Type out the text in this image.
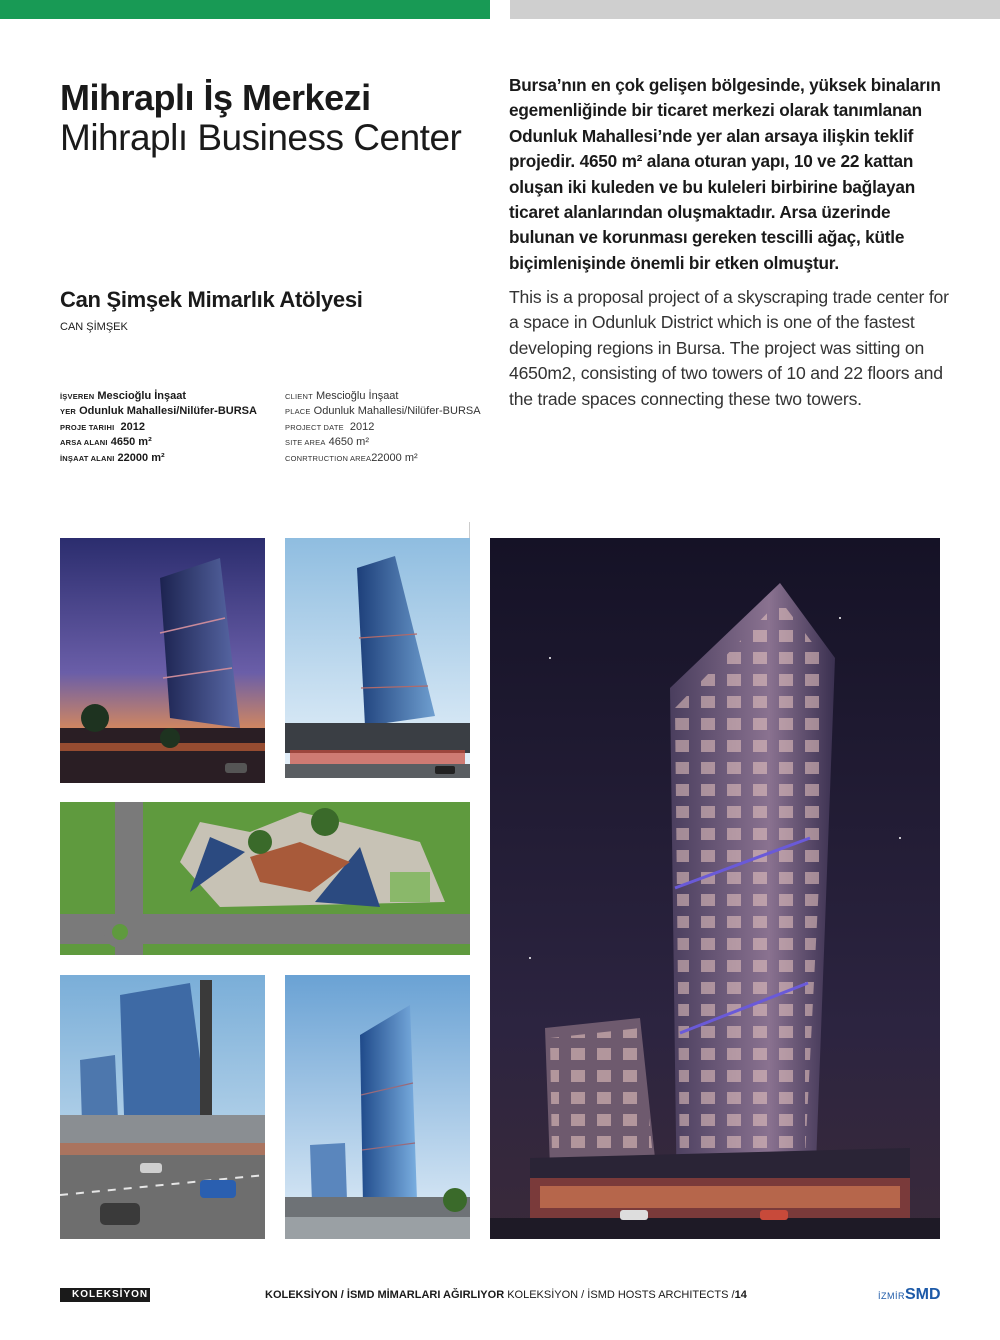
Mihraplı İş Merkezi
Mihraplı Business Center
Can Şimşek Mimarlık Atölyesi
CAN ŞİMŞEK
İŞVEREN Mescioğlu İnşaat
YER Odunluk Mahallesi/Nilüfer-BURSA
PROJE TARIHI 2012
ARSA ALANI 4650 m²
İNŞAAT ALANI 22000 m²
CLIENT Mescioğlu İnşaat
PLACE Odunluk Mahallesi/Nilüfer-BURSA
PROJECT DATE 2012
SITE AREA 4650 m²
CONRTRUCTION AREA22000 m²

Bursa’nın en çok gelişen bölgesinde, yüksek binaların egemenliğinde bir ticaret merkezi olarak tanımlanan Odunluk Mahallesi’nde yer alan arsaya ilişkin teklif projedir. 4650 m² alana oturan yapı, 10 ve 22 kattan oluşan iki kuleden ve bu kuleleri birbirine bağlayan ticaret alanlarından oluşmaktadır. Arsa üzerinde bulunan ve korunması gereken tescilli ağaç, kütle biçimlenişinde önemli bir etken olmuştur.

This is a proposal project of a skyscraping trade center for a space in Odunluk District which is one of the fastest developing regions in Bursa. The project was sitting on 4650m2, consisting of two towers of 10 and 22 floors and the trade spaces connecting these two towers.

KOLEKSİYON	KOLEKSİYON / İSMD MİMARLARI AĞIRLIYOR KOLEKSİYON / İSMD HOSTS ARCHITECTS /14	İZMİRSMD
